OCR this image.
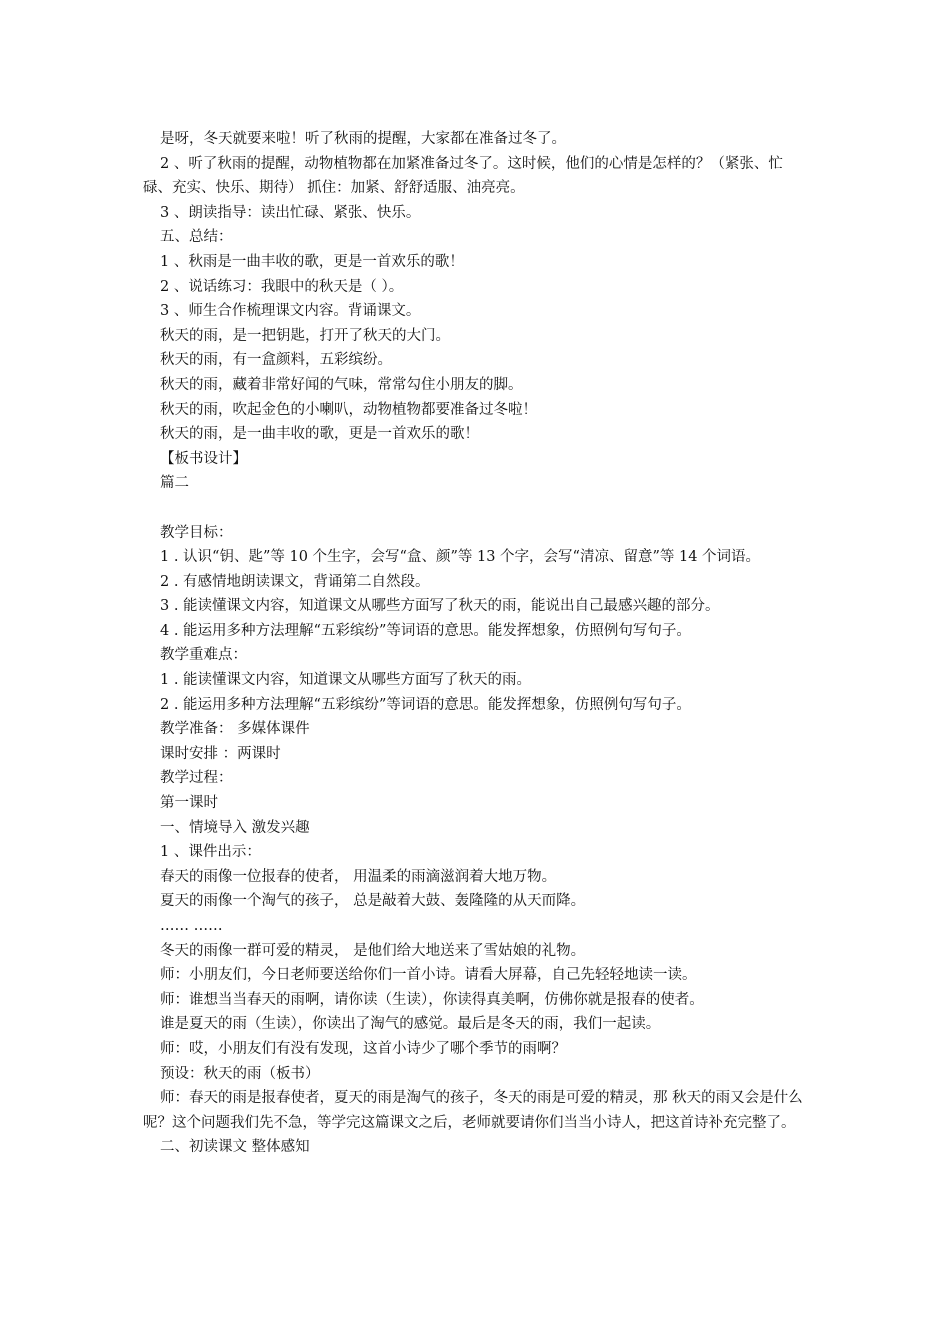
是呀，冬天就要来啦！听了秋雨的提醒，大家都在准备过冬了。
2 、听了秋雨的提醒，动物植物都在加紧准备过冬了。这时候，他们的心情是怎样的？（紧张、忙碌、充实、快乐、期待） 抓住：加紧、舒舒适服、油亮亮。
3 、朗读指导：读出忙碌、紧张、快乐。
五、总结：
1 、秋雨是一曲丰收的歌，更是一首欢乐的歌！
2 、说话练习：我眼中的秋天是（ ）。
3 、师生合作梳理课文内容。背诵课文。
秋天的雨，是一把钥匙，打开了秋天的大门。
秋天的雨，有一盒颜料，五彩缤纷。
秋天的雨，藏着非常好闻的气味，常常勾住小朋友的脚。
秋天的雨，吹起金色的小喇叭，动物植物都要准备过冬啦！
秋天的雨，是一曲丰收的歌，更是一首欢乐的歌！
【板书设计】
篇二
教学目标：
1 . 认识“钥、匙”等 10 个生字，会写“盒、颜”等 13 个字，会写“清凉、留意”等 14 个词语。
2 . 有感情地朗读课文，背诵第二自然段。
3 . 能读懂课文内容，知道课文从哪些方面写了秋天的雨，能说出自己最感兴趣的部分。
4 . 能运用多种方法理解“五彩缤纷”等词语的意思。能发挥想象，仿照例句写句子。
教学重难点：
1 . 能读懂课文内容，知道课文从哪些方面写了秋天的雨。
2 . 能运用多种方法理解“五彩缤纷”等词语的意思。能发挥想象，仿照例句写句子。
教学准备： 多媒体课件
课时安排 ：两课时
教学过程：
第一课时
一、情境导入 激发兴趣
1 、课件出示：
春天的雨像一位报春的使者， 用温柔的雨滴滋润着大地万物。
夏天的雨像一个淘气的孩子， 总是敲着大鼓、轰隆隆的从天而降。
…… ……
冬天的雨像一群可爱的精灵， 是他们给大地送来了雪姑娘的礼物。
师：小朋友们，今日老师要送给你们一首小诗。请看大屏幕，自己先轻轻地读一读。
师：谁想当当春天的雨啊，请你读（生读），你读得真美啊，仿佛你就是报春的使者。
谁是夏天的雨（生读），你读出了淘气的感觉。最后是冬天的雨，我们一起读。
师：哎，小朋友们有没有发现，这首小诗少了哪个季节的雨啊？
预设：秋天的雨（板书）
师：春天的雨是报春使者，夏天的雨是淘气的孩子，冬天的雨是可爱的精灵，那 秋天的雨又会是什么呢？这个问题我们先不急，等学完这篇课文之后，老师就要请你们当当小诗人，把这首诗补充完整了。
二、初读课文 整体感知
